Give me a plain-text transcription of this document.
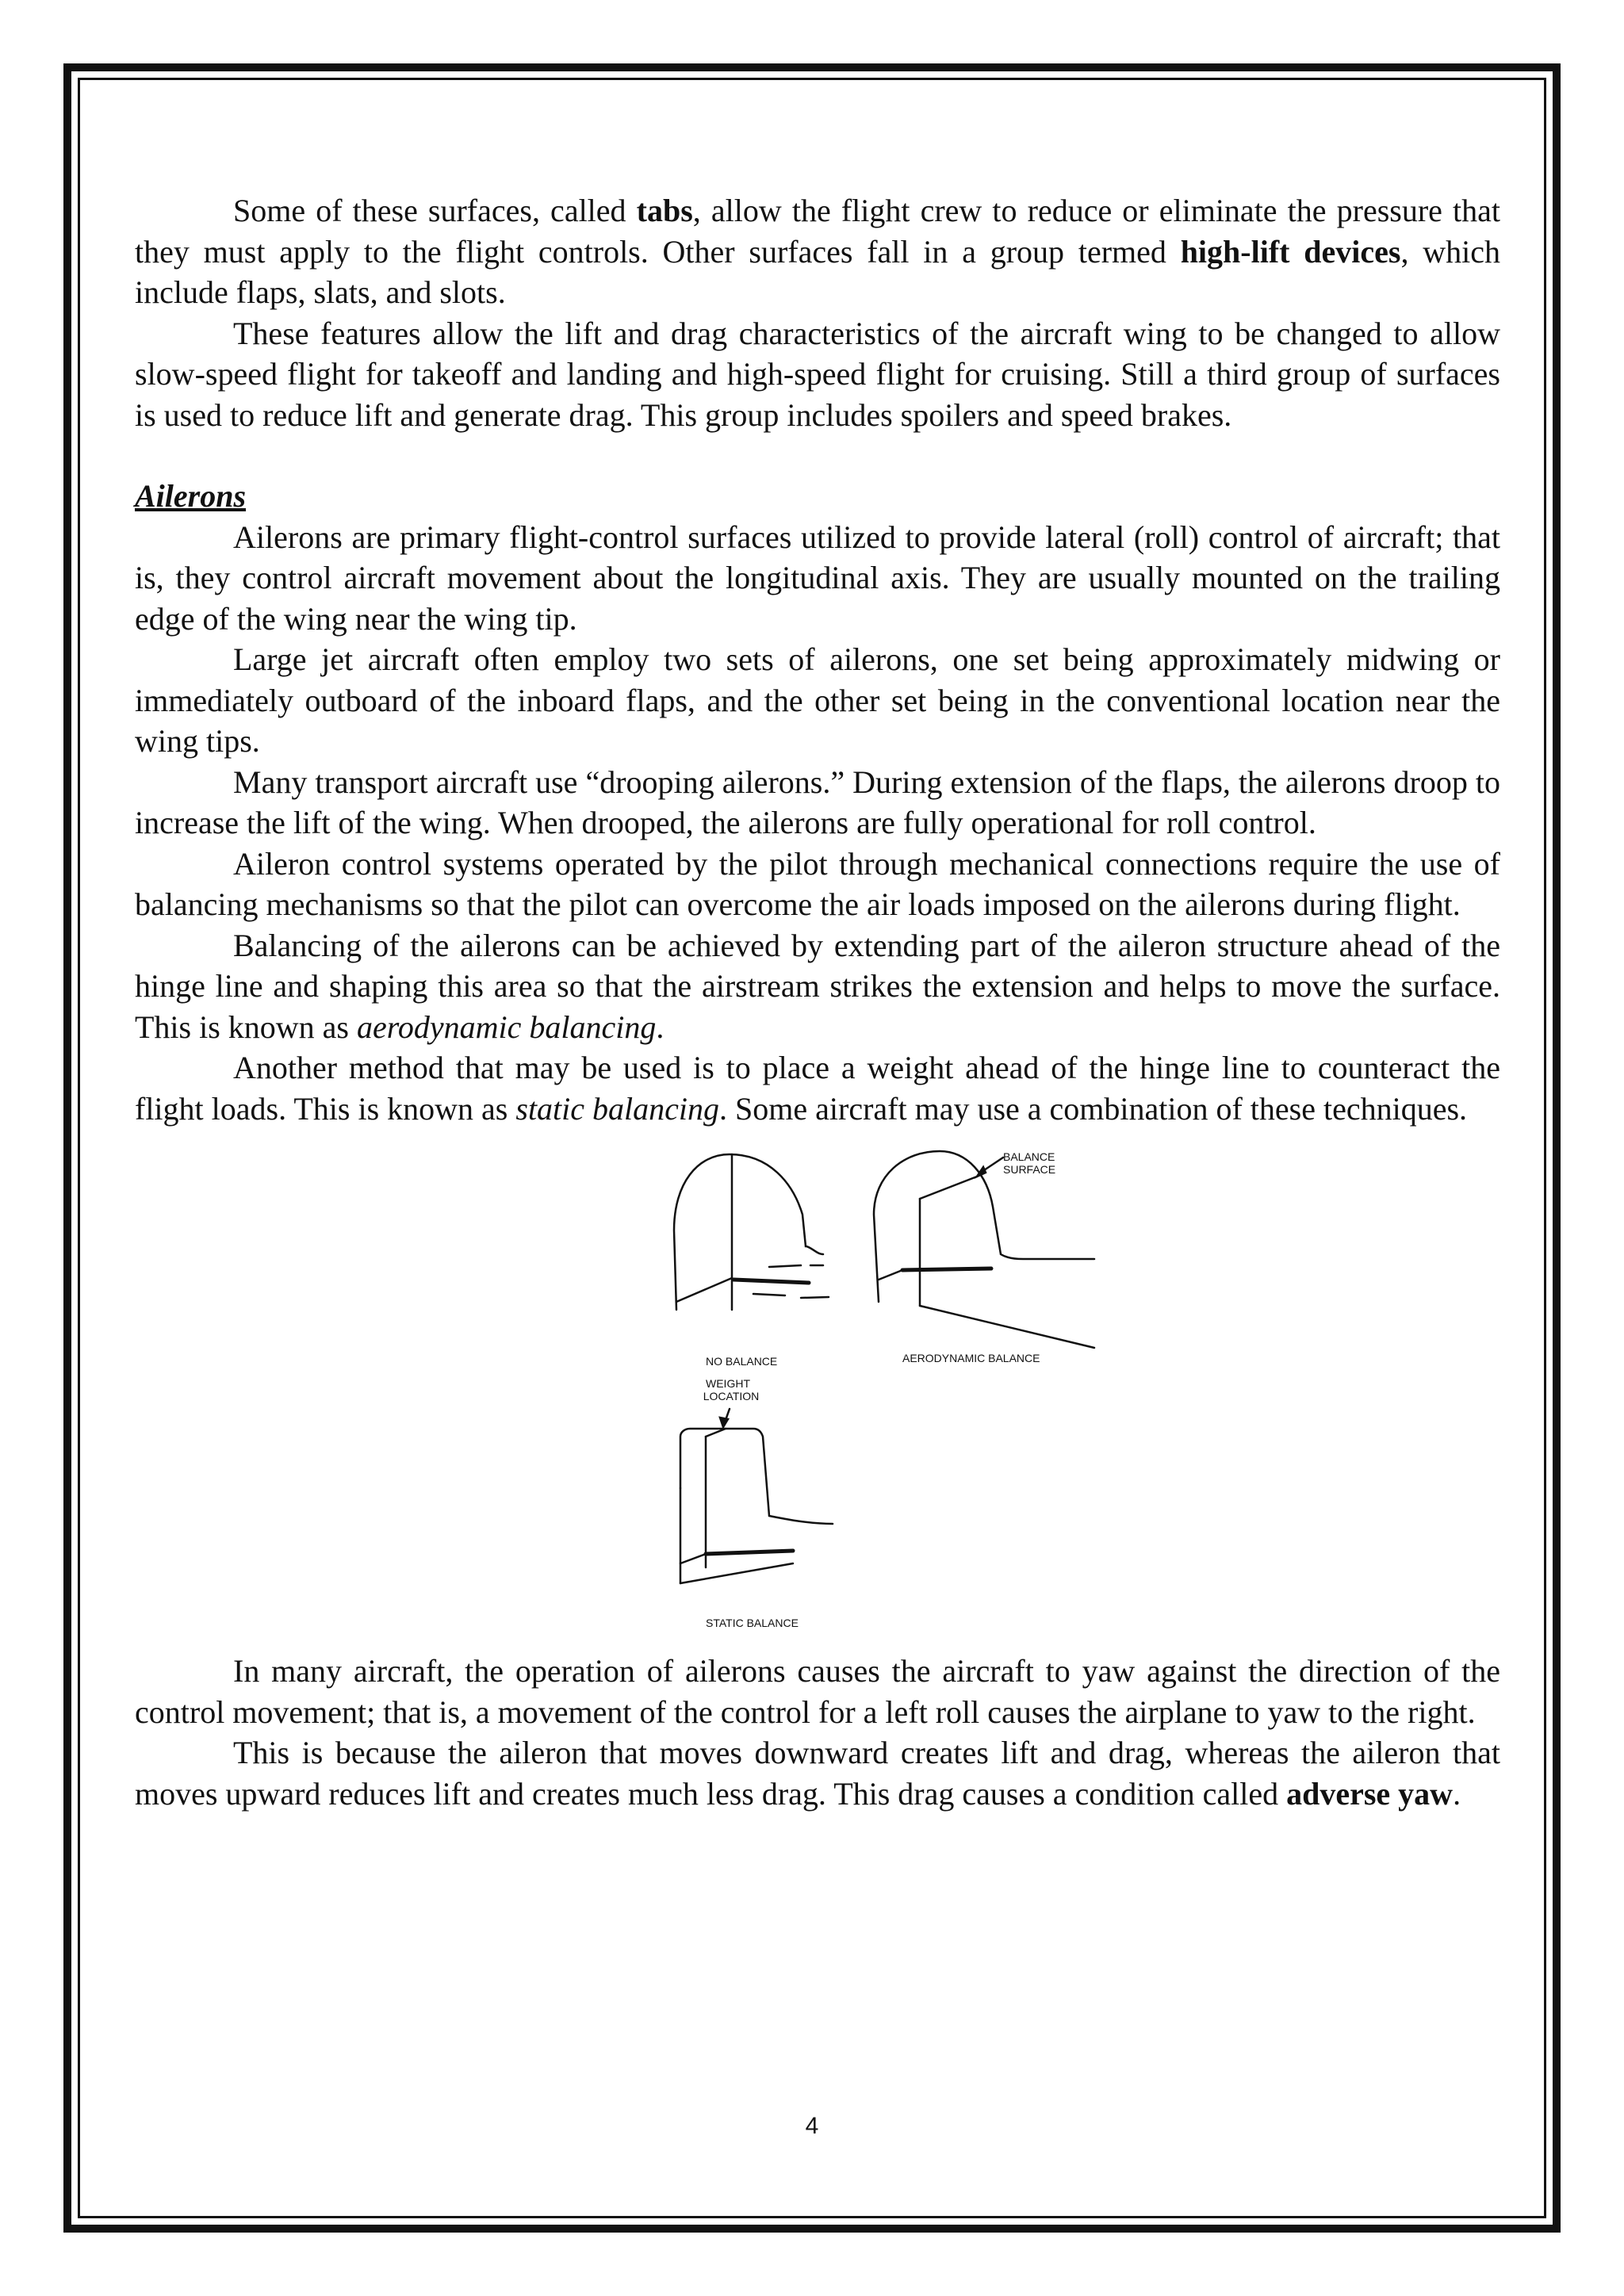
Some of these surfaces, called tabs, allow the flight crew to reduce or eliminate the pressure that they must apply to the flight controls. Other surfaces fall in a group termed high-lift devices, which include flaps, slats, and slots.

These features allow the lift and drag characteristics of the aircraft wing to be changed to allow slow-speed flight for takeoff and landing and high-speed flight for cruising. Still a third group of surfaces is used to reduce lift and generate drag. This group includes spoilers and speed brakes.

Ailerons

Ailerons are primary flight-control surfaces utilized to provide lateral (roll) control of aircraft; that is, they control aircraft movement about the longitudinal axis. They are usually mounted on the trailing edge of the wing near the wing tip.

Large jet aircraft often employ two sets of ailerons, one set being approximately midwing or immediately outboard of the inboard flaps, and the other set being in the conventional location near the wing tips.

Many transport aircraft use “drooping ailerons.” During extension of the flaps, the ailerons droop to increase the lift of the wing. When drooped, the ailerons are fully operational for roll control.

Aileron control systems operated by the pilot through mechanical connections require the use of balancing mechanisms so that the pilot can overcome the air loads imposed on the ailerons during flight.

Balancing of the ailerons can be achieved by extending part of the aileron structure ahead of the hinge line and shaping this area so that the airstream strikes the extension and helps to move the surface. This is known as aerodynamic balancing.

Another method that may be used is to place a weight ahead of the hinge line to counteract the flight loads. This is known as static balancing. Some aircraft may use a combination of these techniques.

BALANCE
SURFACE
NO BALANCE	AERODYNAMIC BALANCE
WEIGHT
LOCATION
STATIC BALANCE

In many aircraft, the operation of ailerons causes the aircraft to yaw against the direction of the control movement; that is, a movement of the control for a left roll causes the airplane to yaw to the right.

This is because the aileron that moves downward creates lift and drag, whereas the aileron that moves upward reduces lift and creates much less drag. This drag causes a condition called adverse yaw.

4
